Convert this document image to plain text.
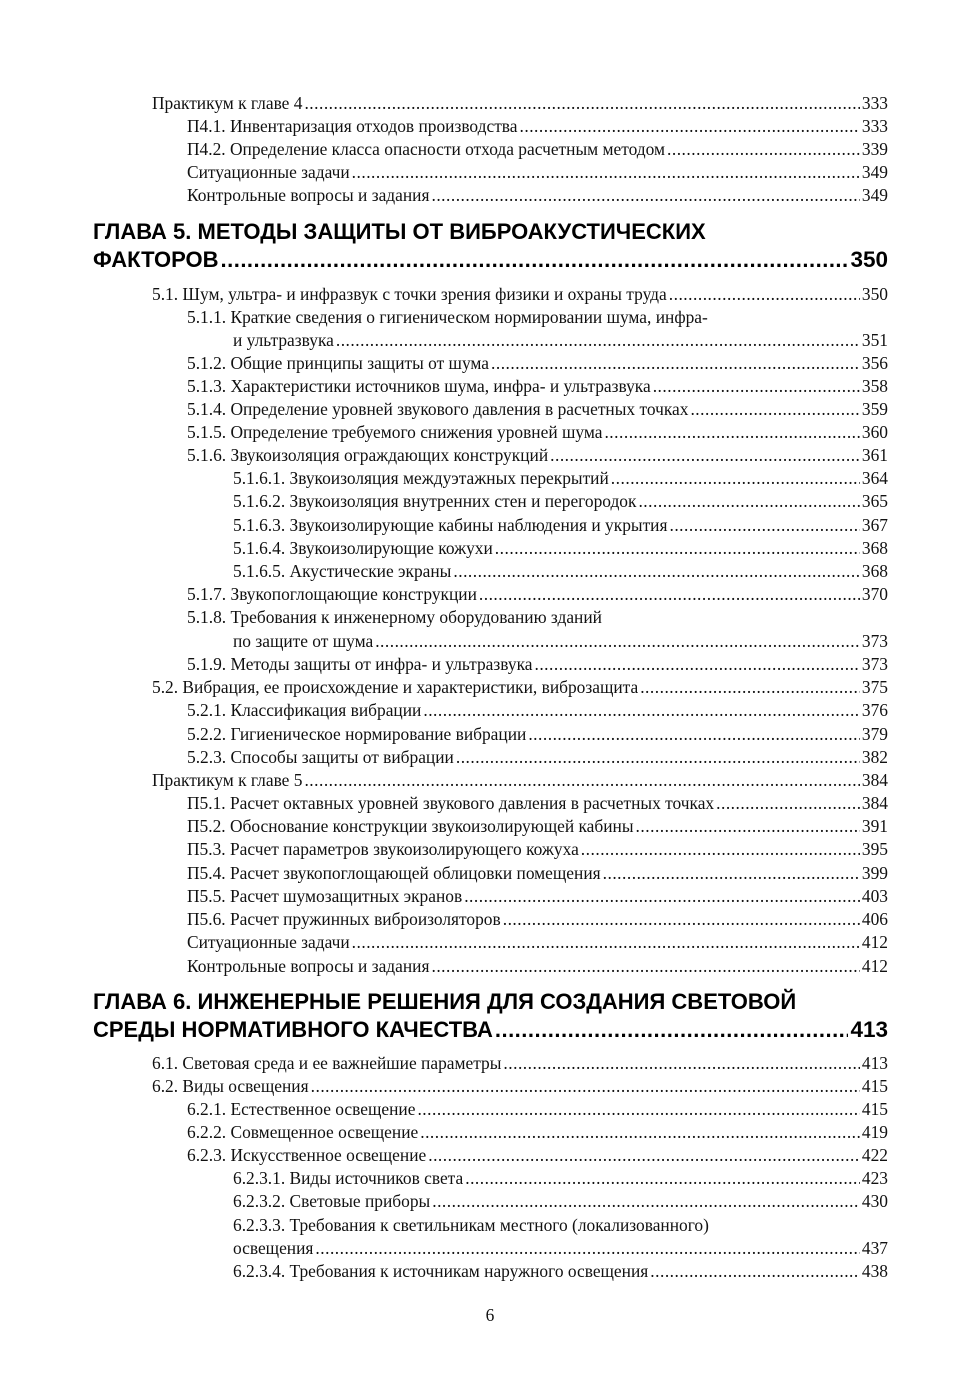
Практикум к главе 4 .....	333
П4.1. Инвентаризация отходов производства .....	333
П4.2. Определение класса опасности отхода расчетным методом .....	339
Ситуационные задачи .....	349
Контрольные вопросы и задания .....	349
ГЛАВА 5. МЕТОДЫ ЗАЩИТЫ ОТ ВИБРОАКУСТИЧЕСКИХ
ФАКТОРОВ .....	350
5.1. Шум, ультра- и инфразвук с точки зрения физики и охраны труда .....	350
5.1.1. Краткие сведения о гигиеническом нормировании шума, инфра-
и ультразвука .....	351
5.1.2. Общие принципы защиты от шума .....	356
5.1.3. Характеристики источников шума, инфра- и ультразвука .....	358
5.1.4. Определение уровней звукового давления в расчетных точках .....	359
5.1.5. Определение требуемого снижения уровней шума .....	360
5.1.6. Звукоизоляция ограждающих конструкций .....	361
5.1.6.1. Звукоизоляция междуэтажных перекрытий .....	364
5.1.6.2. Звукоизоляция внутренних стен и перегородок .....	365
5.1.6.3. Звукоизолирующие кабины наблюдения и укрытия .....	367
5.1.6.4. Звукоизолирующие кожухи .....	368
5.1.6.5. Акустические экраны .....	368
5.1.7. Звукопоглощающие конструкции .....	370
5.1.8. Требования к инженерному оборудованию зданий
по защите от шума .....	373
5.1.9. Методы защиты от инфра- и ультразвука .....	373
5.2. Вибрация, ее происхождение и характеристики, виброзащита .....	375
5.2.1. Классификация вибрации .....	376
5.2.2. Гигиеническое нормирование вибрации .....	379
5.2.3. Способы защиты от вибрации .....	382
Практикум к главе 5 .....	384
П5.1. Расчет октавных уровней звукового давления в расчетных точках .....	384
П5.2. Обоснование конструкции звукоизолирующей кабины .....	391
П5.3. Расчет параметров звукоизолирующего кожуха .....	395
П5.4. Расчет звукопоглощающей облицовки помещения .....	399
П5.5. Расчет шумозащитных экранов .....	403
П5.6. Расчет пружинных виброизоляторов .....	406
Ситуационные задачи .....	412
Контрольные вопросы и задания .....	412
ГЛАВА 6. ИНЖЕНЕРНЫЕ РЕШЕНИЯ ДЛЯ СОЗДАНИЯ СВЕТОВОЙ
СРЕДЫ НОРМАТИВНОГО КАЧЕСТВА .....	413
6.1. Световая среда и ее важнейшие параметры .....	413
6.2. Виды освещения .....	415
6.2.1. Естественное освещение .....	415
6.2.2. Совмещенное освещение .....	419
6.2.3. Искусственное освещение .....	422
6.2.3.1. Виды источников света .....	423
6.2.3.2. Световые приборы .....	430
6.2.3.3. Требования к светильникам местного (локализованного)
освещения .....	437
6.2.3.4. Требования к источникам наружного освещения .....	438
6
